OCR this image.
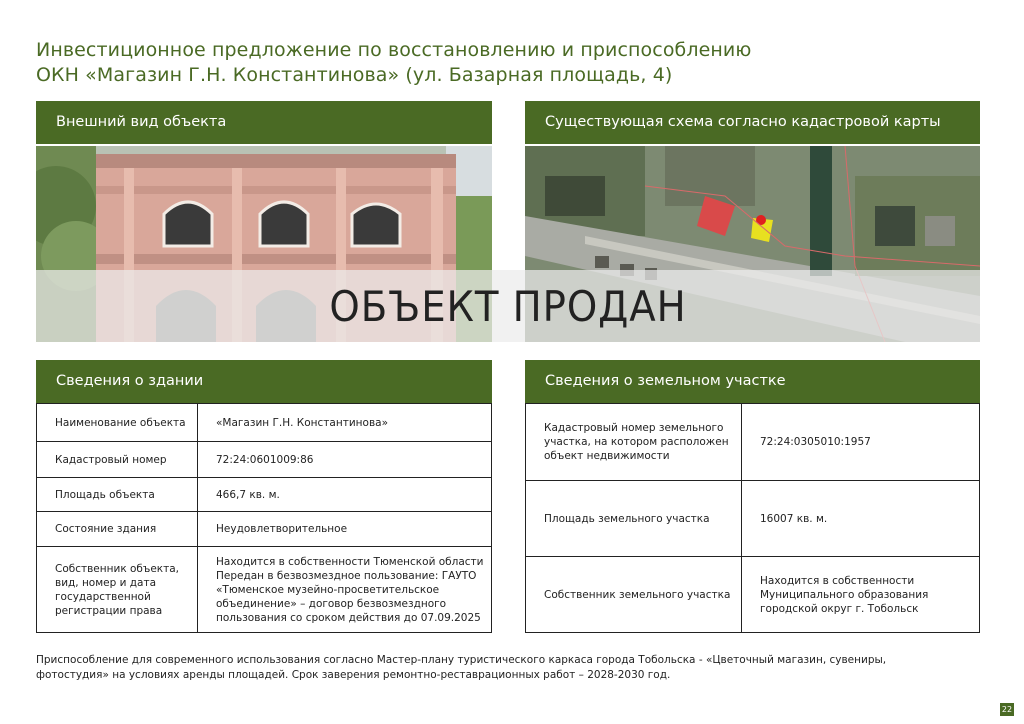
Инвестиционное предложение по восстановлению и приспособлению
ОКН «Магазин Г.Н. Константинова» (ул. Базарная площадь, 4)
Внешний вид объекта	Существующая схема согласно кадастровой карты
ОБЪЕКТ ПРОДАН
Сведения о здании
Наименование объекта	«Магазин Г.Н. Константинова»
Кадастровый номер	72:24:0601009:86
Площадь объекта	466,7 кв. м.
Состояние здания	Неудовлетворительное
Собственник объекта, вид, номер и дата государственной регистрации права	Находится в собственности Тюменской области Передан в безвозмездное пользование: ГАУТО «Тюменское музейно-просветительское объединение» – договор безвозмездного пользования со сроком действия до 07.09.2025
Сведения о земельном участке
Кадастровый номер земельного участка, на котором расположен объект недвижимости	72:24:0305010:1957
Площадь земельного участка	16007 кв. м.
Собственник земельного участка	Находится в собственности Муниципального образования городской округ г. Тобольск
Приспособление для современного использования согласно Мастер-плану туристического каркаса города Тобольска - «Цветочный магазин, сувениры, фотостудия» на условиях аренды площадей. Срок заверения ремонтно-реставрационных работ – 2028-2030 год.
22
